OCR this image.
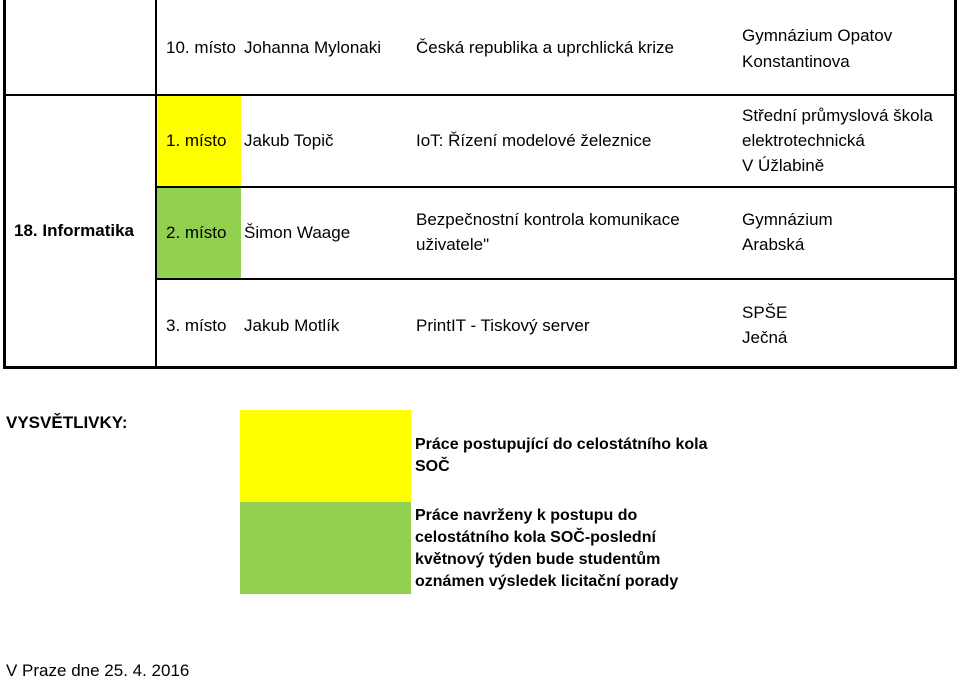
18. Informatika
10. místo Johanna Mylonaki Česká republika a uprchlická krize
Gymnázium Opatov
Konstantinova
1. místo Jakub Topič	IoT: Řízení modelové železnice
Střední průmyslová škola
elektrotechnická
V Úžlabině
2. místo Šimon Waage
Bezpečnostní kontrola komunikace
uživatele"
Gymnázium
Arabská
3. místo Jakub Motlík	PrintIT - Tiskový server
SPŠE
Ječná
VYSVĚTLIVKY:
Práce postupující do celostátního kola
SOČ
Práce navrženy k postupu do
celostátního kola SOČ-poslední
květnový týden bude studentům
oznámen výsledek licitační porady
V Praze dne 25. 4. 2016
